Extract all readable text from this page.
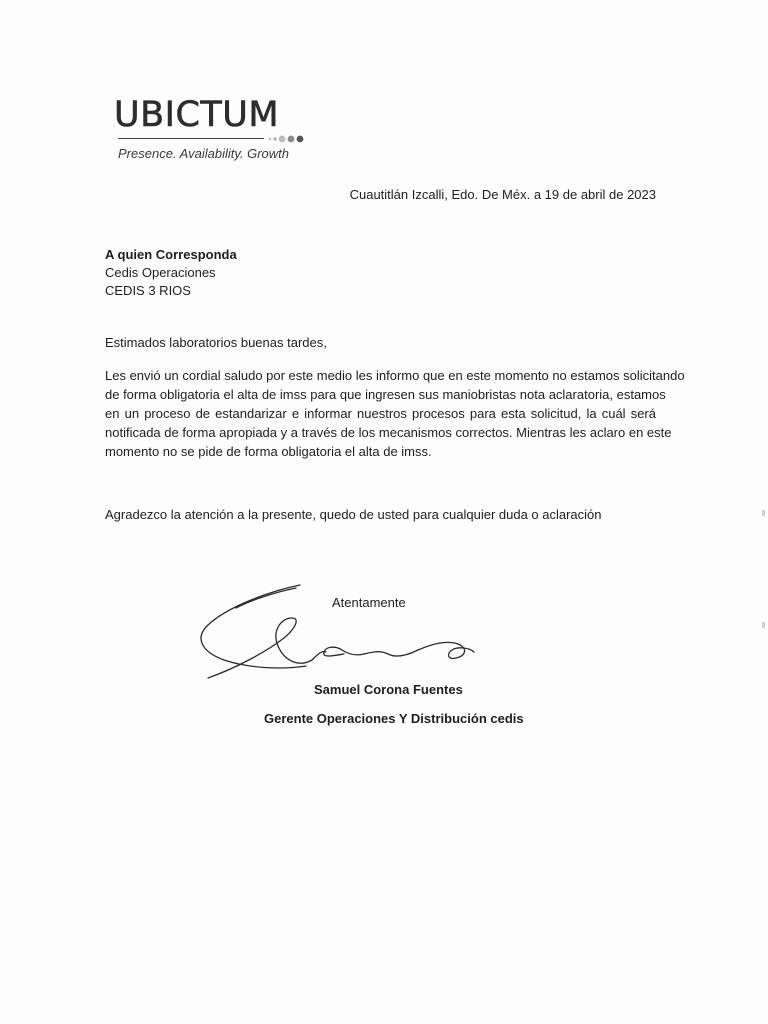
UBICTUM
Presence. Availability. Growth
Cuautitlán Izcalli, Edo. De Méx. a 19 de abril de 2023
A quien Corresponda
Cedis Operaciones
CEDIS 3 RIOS
Estimados laboratorios buenas tardes,
Les envió un cordial saludo por este medio les informo que en este momento no estamos solicitando
de forma obligatoria el alta de imss para que ingresen sus maniobristas nota aclaratoria, estamos
en un proceso de estandarizar e informar nuestros procesos para esta solicitud, la cuál será
notificada de forma apropiada y a través de los mecanismos correctos. Mientras les aclaro en este
momento no se pide de forma obligatoria el alta de imss.
Agradezco la atención a la presente, quedo de usted para cualquier duda o aclaración
Atentamente
Samuel Corona Fuentes
Gerente Operaciones Y Distribución cedis
